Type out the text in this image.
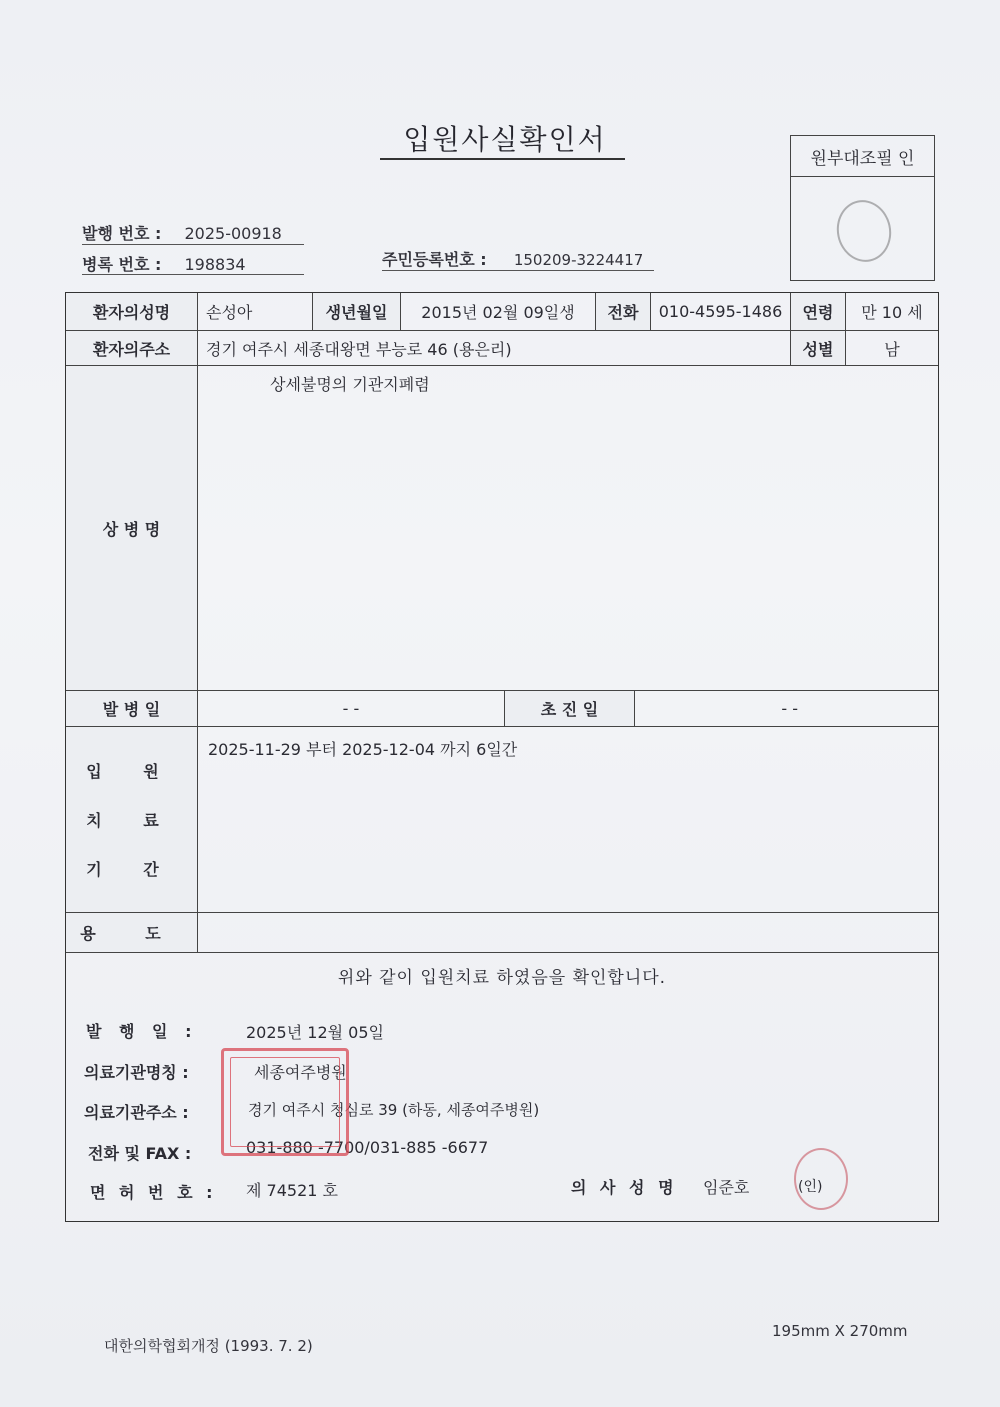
입원사실확인서
원부대조필 인
발행 번호 : 2025-00918
병록 번호 : 198834	주민등록번호 : 150209-3224417
환자의성명	손성아	생년월일	2015년 02월 09일생	전화	010-4595-1486	연령	만 10 세
환자의주소	경기 여주시 세종대왕면 부능로 46 (용은리)	성별	남
상 병 명
상세불명의 기관지폐렴
발 병 일	- -	초 진 일	- -
입 원
치 료
기 간
2025-11-29 부터 2025-12-04 까지 6일간
용 도
위와 같이 입원치료 하였음을 확인합니다.
발 행 일 :	2025년 12월 05일
의료기관명칭 :	세종여주병원
의료기관주소 :	경기 여주시 청심로 39 (하동, 세종여주병원)
전화 및 FAX :	031-880 -7700/031-885 -6677
면 허 번 호 : 제 74521 호	의 사 성 명 임준호	(인)
대한의학협회개정 (1993. 7. 2)
195mm X 270mm
